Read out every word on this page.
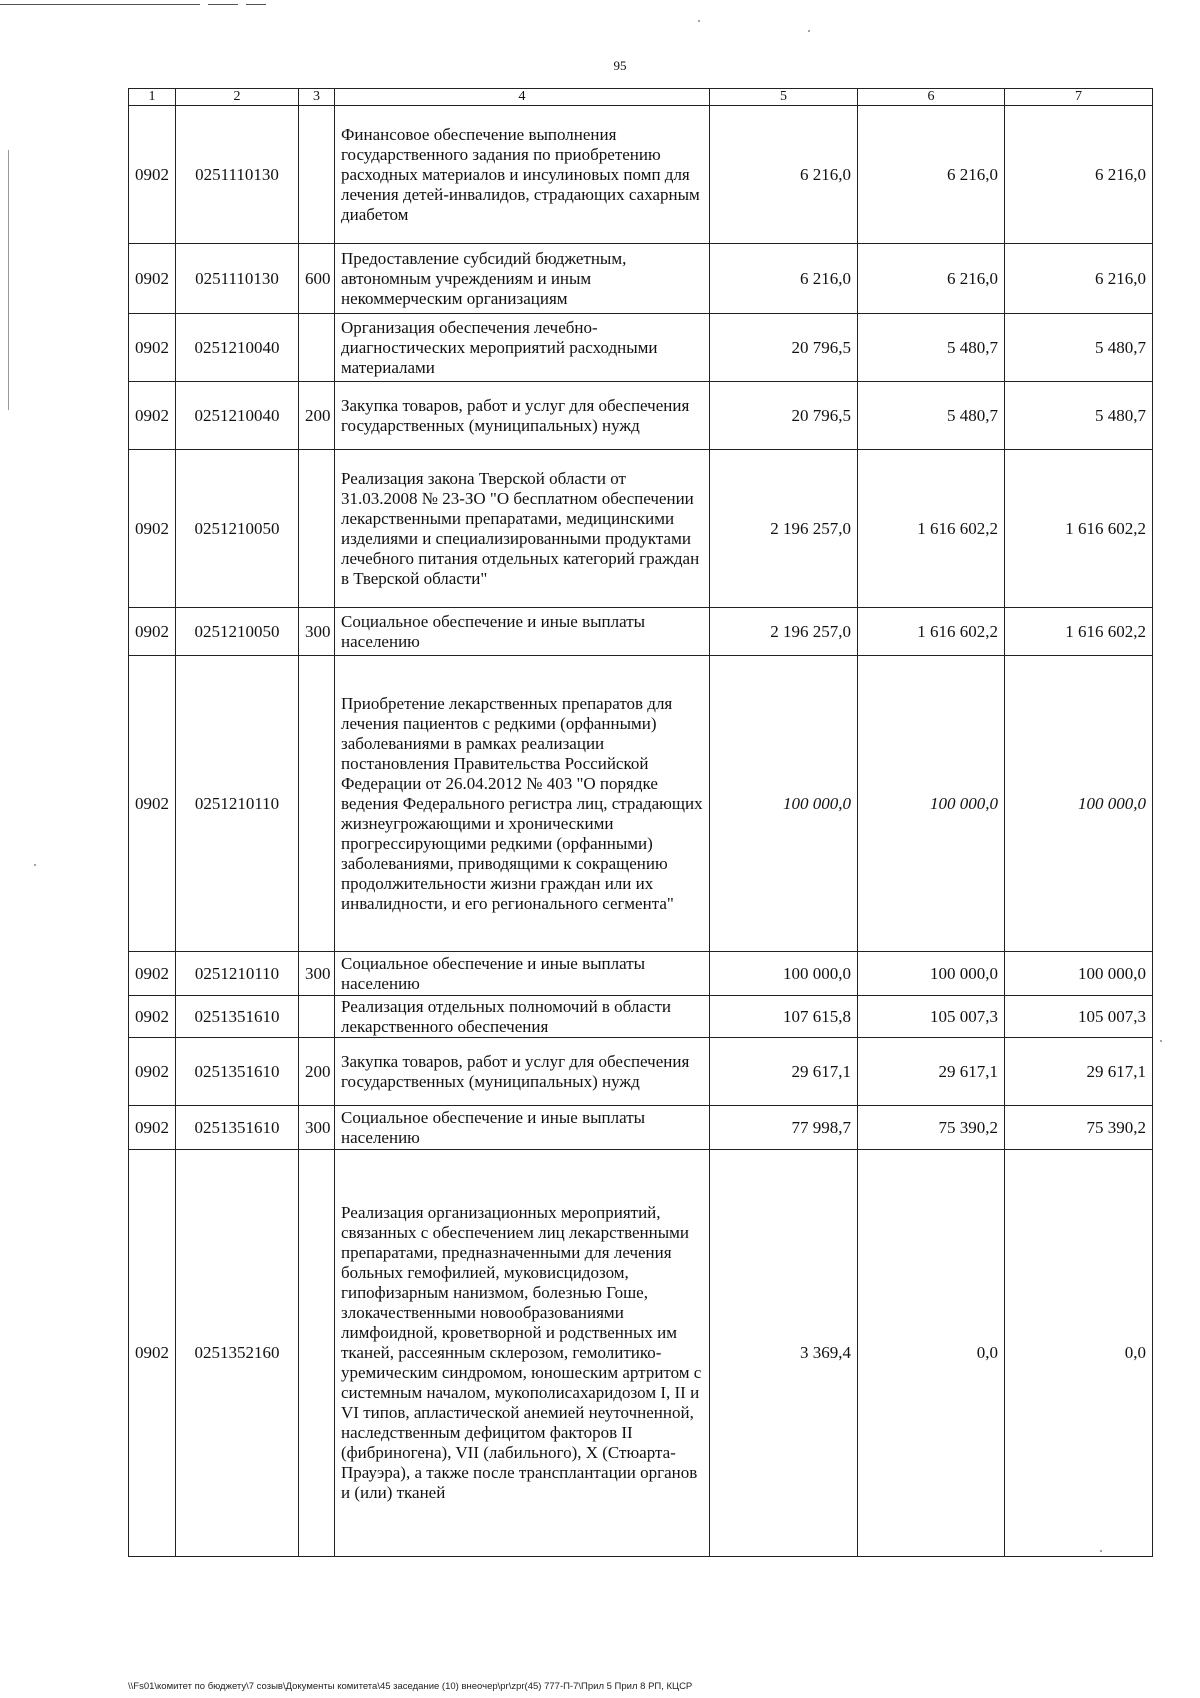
95
1	2	3	4	5	6	7
0902	0251110130		Финансовое обеспечение выполнения государственного задания по приобретению расходных материалов и инсулиновых помп для лечения детей-инвалидов, страдающих сахарным диабетом	6 216,0	6 216,0	6 216,0
0902	0251110130	600	Предоставление субсидий бюджетным, автономным учреждениям и иным некоммерческим организациям	6 216,0	6 216,0	6 216,0
0902	0251210040		Организация обеспечения лечебно-диагностических мероприятий расходными материалами	20 796,5	5 480,7	5 480,7
0902	0251210040	200	Закупка товаров, работ и услуг для обеспечения государственных (муниципальных) нужд	20 796,5	5 480,7	5 480,7
0902	0251210050		Реализация закона Тверской области от 31.03.2008 № 23-ЗО "О бесплатном обеспечении лекарственными препаратами, медицинскими изделиями и специализированными продуктами лечебного питания отдельных категорий граждан в Тверской области"	2 196 257,0	1 616 602,2	1 616 602,2
0902	0251210050	300	Социальное обеспечение и иные выплаты населению	2 196 257,0	1 616 602,2	1 616 602,2
0902	0251210110		Приобретение лекарственных препаратов для лечения пациентов с редкими (орфанными) заболеваниями в рамках реализации постановления Правительства Российской Федерации от 26.04.2012 № 403 "О порядке ведения Федерального регистра лиц, страдающих жизнеугрожающими и хроническими прогрессирующими редкими (орфанными) заболеваниями, приводящими к сокращению продолжительности жизни граждан или их инвалидности, и его регионального сегмента"	100 000,0	100 000,0	100 000,0
0902	0251210110	300	Социальное обеспечение и иные выплаты населению	100 000,0	100 000,0	100 000,0
0902	0251351610		Реализация отдельных полномочий в области лекарственного обеспечения	107 615,8	105 007,3	105 007,3
0902	0251351610	200	Закупка товаров, работ и услуг для обеспечения государственных (муниципальных) нужд	29 617,1	29 617,1	29 617,1
0902	0251351610	300	Социальное обеспечение и иные выплаты населению	77 998,7	75 390,2	75 390,2
0902	0251352160		Реализация организационных мероприятий, связанных с обеспечением лиц лекарственными препаратами, предназначенными для лечения больных гемофилией, муковисцидозом, гипофизарным нанизмом, болезнью Гоше, злокачественными новообразованиями лимфоидной, кроветворной и родственных им тканей, рассеянным склерозом, гемолитико-уремическим синдромом, юношеским артритом с системным началом, мукополисахаридозом I, II и VI типов, апластической анемией неуточненной, наследственным дефицитом факторов II (фибриногена), VII (лабильного), X (Стюарта-Прауэра), а также после трансплантации органов и (или) тканей	3 369,4	0,0	0,0
\\Fs01\комитет по бюджету\7 созыв\Документы комитета\45 заседание (10) внеочер\pr\zpr(45) 777-П-7\Прил 5 Прил 8 РП, КЦСР
